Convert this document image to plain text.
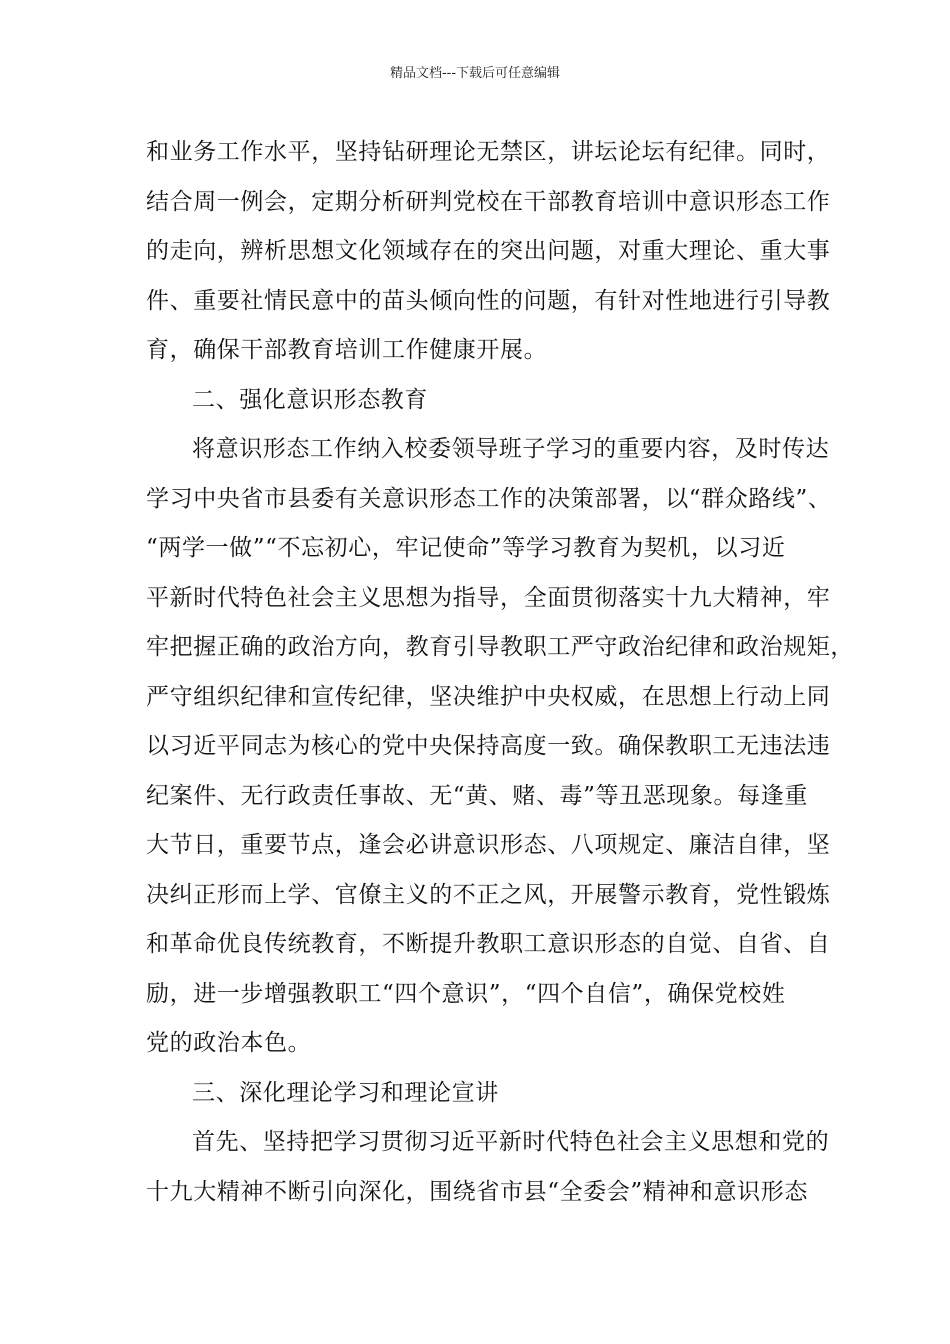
精品文档---下载后可任意编辑
和业务工作水平，坚持钻研理论无禁区，讲坛论坛有纪律。同时，
结合周一例会，定期分析研判党校在干部教育培训中意识形态工作
的走向，辨析思想文化领域存在的突出问题，对重大理论、重大事
件、重要社情民意中的苗头倾向性的问题，有针对性地进行引导教
育，确保干部教育培训工作健康开展。
二、强化意识形态教育
将意识形态工作纳入校委领导班子学习的重要内容，及时传达
学习中央省市县委有关意识形态工作的决策部署，以“群众路线”、
“两学一做”“不忘初心，牢记使命”等学习教育为契机，以习近
平新时代特色社会主义思想为指导，全面贯彻落实十九大精神，牢
牢把握正确的政治方向，教育引导教职工严守政治纪律和政治规矩，
严守组织纪律和宣传纪律，坚决维护中央权威，在思想上行动上同
以习近平同志为核心的党中央保持高度一致。确保教职工无违法违
纪案件、无行政责任事故、无“黄、赌、毒”等丑恶现象。每逢重
大节日，重要节点，逢会必讲意识形态、八项规定、廉洁自律，坚
决纠正形而上学、官僚主义的不正之风，开展警示教育，党性锻炼
和革命优良传统教育，不断提升教职工意识形态的自觉、自省、自
励，进一步增强教职工“四个意识”，“四个自信”，确保党校姓
党的政治本色。
三、深化理论学习和理论宣讲
首先、坚持把学习贯彻习近平新时代特色社会主义思想和党的
十九大精神不断引向深化，围绕省市县“全委会”精神和意识形态
